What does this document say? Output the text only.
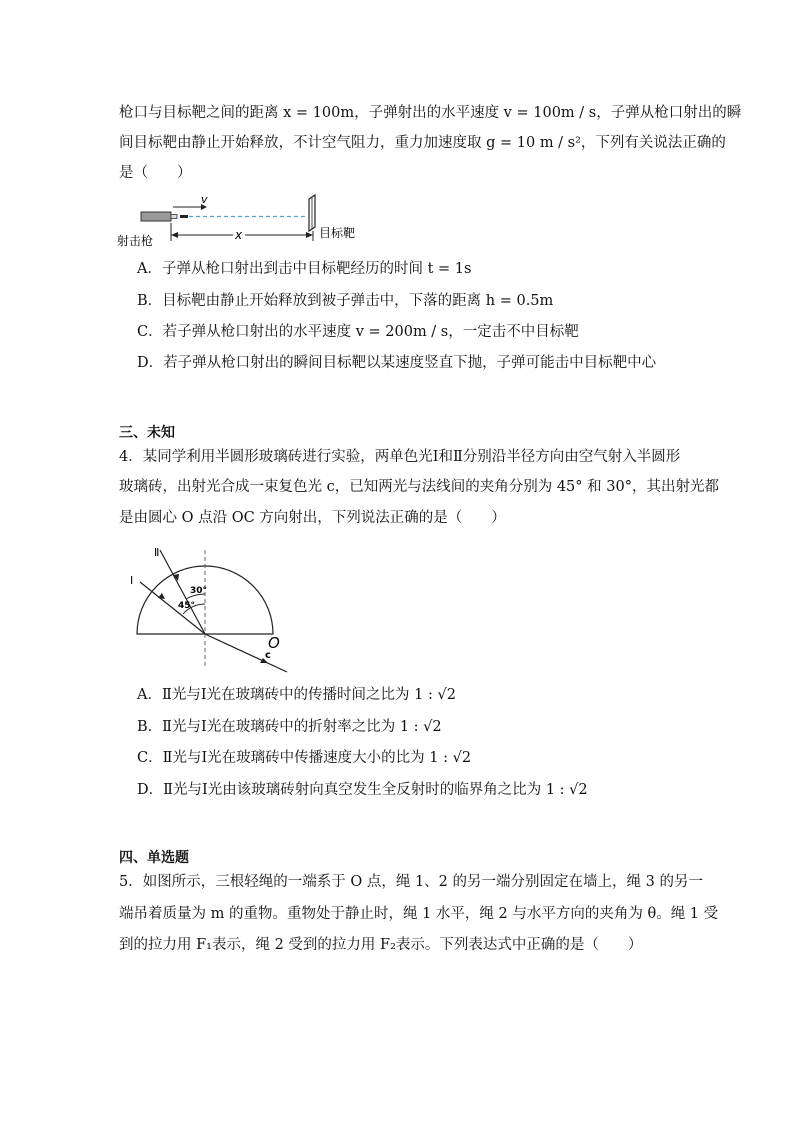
枪口与目标靶之间的距离 x = 100m，子弹射出的水平速度 v = 100m / s，子弹从枪口射出的瞬
间目标靶由静止开始释放，不计空气阻力，重力加速度取 g = 10 m / s²，下列有关说法正确的
是（　　）
v
x
射击枪
目标靶
A．子弹从枪口射出到击中目标靶经历的时间 t = 1s
B．目标靶由静止开始释放到被子弹击中，下落的距离 h = 0.5m
C．若子弹从枪口射出的水平速度 v = 200m / s，一定击不中目标靶
D．若子弹从枪口射出的瞬间目标靶以某速度竖直下抛，子弹可能击中目标靶中心
三、未知
4．某同学利用半圆形玻璃砖进行实验，两单色光Ⅰ和Ⅱ分别沿半径方向由空气射入半圆形
玻璃砖，出射光合成一束复色光 c，已知两光与法线间的夹角分别为 45° 和 30°，其出射光都
是由圆心 O 点沿 OC 方向射出，下列说法正确的是（　　）
Ⅰ
Ⅱ
45°
30°
O
c
A．Ⅱ光与Ⅰ光在玻璃砖中的传播时间之比为 1 : √2
B．Ⅱ光与Ⅰ光在玻璃砖中的折射率之比为 1 : √2
C．Ⅱ光与Ⅰ光在玻璃砖中传播速度大小的比为 1 : √2
D．Ⅱ光与Ⅰ光由该玻璃砖射向真空发生全反射时的临界角之比为 1 : √2
四、单选题
5．如图所示，三根轻绳的一端系于 O 点，绳 1、2 的另一端分别固定在墙上，绳 3 的另一
端吊着质量为 m 的重物。重物处于静止时，绳 1 水平，绳 2 与水平方向的夹角为 θ。绳 1 受
到的拉力用 F₁表示，绳 2 受到的拉力用 F₂表示。下列表达式中正确的是（　　）
